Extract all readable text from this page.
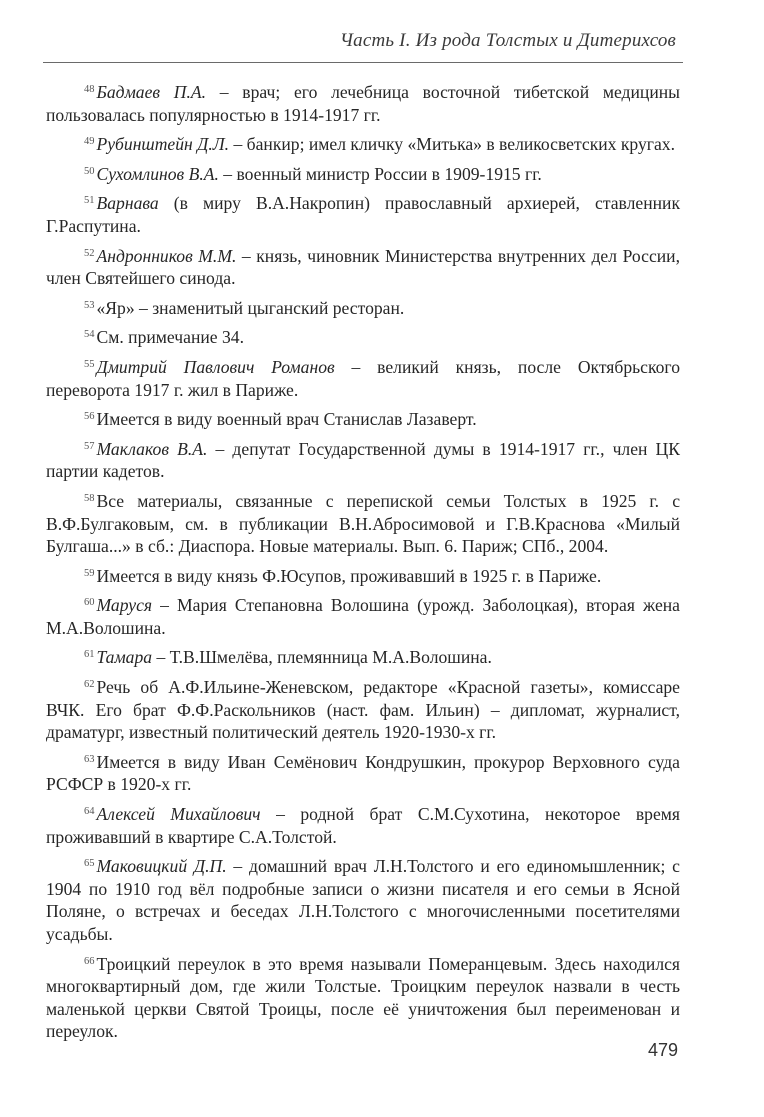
Часть I. Из рода Толстых и Дитерихсов

$^{48}$ Бадмаев П.А. – врач; его лечебница восточной тибетской медицины пользовалась популярностью в 1914-1917 гг.

$^{49}$ Рубинштейн Д.Л. – банкир; имел кличку «Митька» в великосветских кругах.

$^{50}$ Сухомлинов В.А. – военный министр России в 1909-1915 гг.

$^{51}$ Варнава (в миру В.А.Накропин) православный архиерей, ставленник Г.Распутина.

$^{52}$ Андронников М.М. – князь, чиновник Министерства внутренних дел России, член Святейшего синода.

$^{53}$ «Яр» – знаменитый цыганский ресторан.

$^{54}$ См. примечание 34.

$^{55}$ Дмитрий Павлович Романов – великий князь, после Октябрьского переворота 1917 г. жил в Париже.

$^{56}$ Имеется в виду военный врач Станислав Лазаверт.

$^{57}$ Маклаков В.А. – депутат Государственной думы в 1914-1917 гг., член ЦК партии кадетов.

$^{58}$ Все материалы, связанные с перепиской семьи Толстых в 1925 г. с В.Ф.Булгаковым, см. в публикации В.Н.Абросимовой и Г.В.Краснова «Милый Булгаша...» в сб.: Диаспора. Новые материалы. Вып. 6. Париж; СПб., 2004.

$^{59}$ Имеется в виду князь Ф.Юсупов, проживавший в 1925 г. в Париже.

$^{60}$ Маруся – Мария Степановна Волошина (урожд. Заболоцкая), вторая жена М.А.Волошина.

$^{61}$ Тамара – Т.В.Шмелёва, племянница М.А.Волошина.

$^{62}$ Речь об А.Ф.Ильине-Женевском, редакторе «Красной газеты», комиссаре ВЧК. Его брат Ф.Ф.Раскольников (наст. фам. Ильин) – дипломат, журналист, драматург, известный политический деятель 1920-1930-х гг.

$^{63}$ Имеется в виду Иван Семёнович Кондрушкин, прокурор Верховного суда РСФСР в 1920-х гг.

$^{64}$ Алексей Михайлович – родной брат С.М.Сухотина, некоторое время проживавший в квартире С.А.Толстой.

$^{65}$ Маковицкий Д.П. – домашний врач Л.Н.Толстого и его единомышленник; с 1904 по 1910 год вёл подробные записи о жизни писателя и его семьи в Ясной Поляне, о встречах и беседах Л.Н.Толстого с многочисленными посетителями усадьбы.

$^{66}$ Троицкий переулок в это время называли Померанцевым. Здесь находился многоквартирный дом, где жили Толстые. Троицким переулок назвали в честь маленькой церкви Святой Троицы, после её уничтожения был переименован и переулок.

479
